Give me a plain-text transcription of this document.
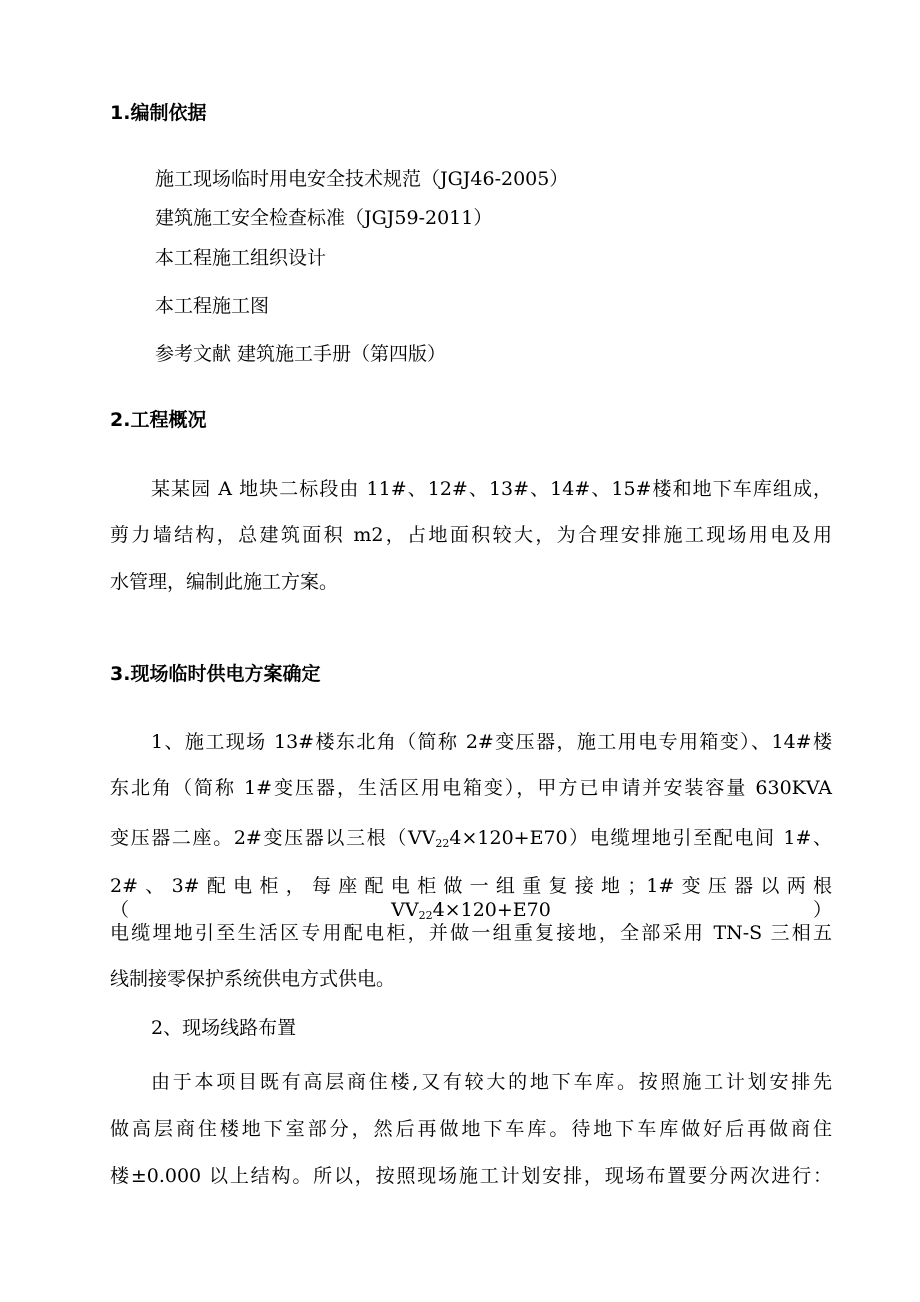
1.编制依据
施工现场临时用电安全技术规范（JGJ46-2005）
建筑施工安全检查标准（JGJ59-2011）
本工程施工组织设计
本工程施工图
参考文献 建筑施工手册（第四版）
2.工程概况
某某园 A 地块二标段由 11#、12#、13#、14#、15#楼和地下车库组成，
剪力墙结构，总建筑面积 m2，占地面积较大，为合理安排施工现场用电及用
水管理，编制此施工方案。
3.现场临时供电方案确定
1、施工现场 13#楼东北角（简称 2#变压器，施工用电专用箱变）、14#楼
东北角（简称 1#变压器，生活区用电箱变），甲方已申请并安装容量 630KVA
变压器二座。2#变压器以三根$(VV_{22}4\times 120+E70)$电缆埋地引至配电间 1#、
2#、3#配电柜，每座配电柜做一组重复接地；1#变压器以两根$(VV_{22}4\times 120+E70)$
电缆埋地引至生活区专用配电柜，并做一组重复接地，全部采用 TN-S 三相五
线制接零保护系统供电方式供电。
2、现场线路布置
由于本项目既有高层商住楼,又有较大的地下车库。按照施工计划安排先
做高层商住楼地下室部分，然后再做地下车库。待地下车库做好后再做商住
楼±0.000 以上结构。所以，按照现场施工计划安排，现场布置要分两次进行：
